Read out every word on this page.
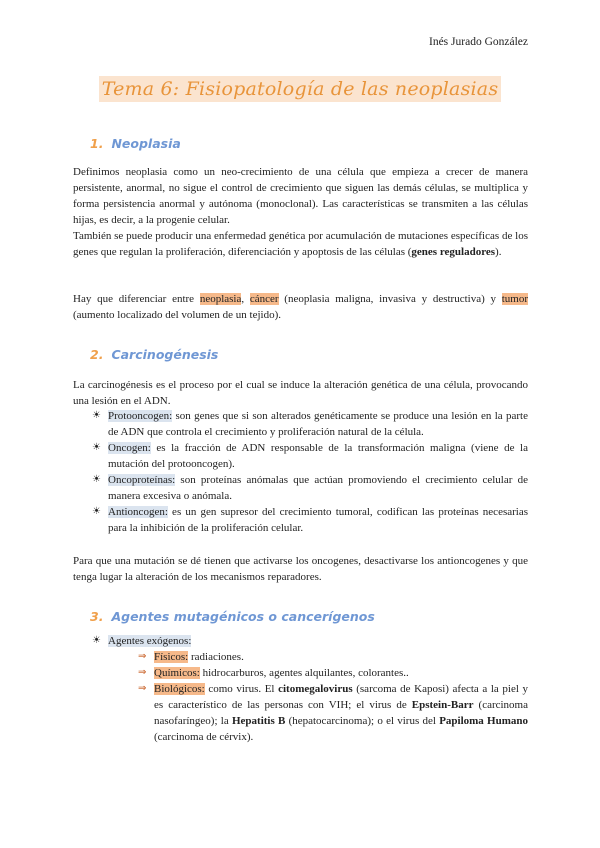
Inés Jurado González
Tema 6: Fisiopatología de las neoplasias
1. Neoplasia

Definimos neoplasia como un neo-crecimiento de una célula que empieza a crecer de manera persistente, anormal, no sigue el control de crecimiento que siguen las demás células, se multiplica y forma persistencia anormal y autónoma (monoclonal). Las características se transmiten a las células hijas, es decir, a la progenie celular.
También se puede producir una enfermedad genética por acumulación de mutaciones específicas de los genes que regulan la proliferación, diferenciación y apoptosis de las células (genes reguladores).

Hay que diferenciar entre neoplasia, cáncer (neoplasia maligna, invasiva y destructiva) y tumor (aumento localizado del volumen de un tejido).

2. Carcinogénesis

La carcinogénesis es el proceso por el cual se induce la alteración genética de una célula, provocando una lesión en el ADN.

☀ Protooncogen: son genes que si son alterados genéticamente se produce una lesión en la parte de ADN que controla el crecimiento y proliferación natural de la célula.
☀ Oncogen: es la fracción de ADN responsable de la transformación maligna (viene de la mutación del protooncogen).
☀ Oncoproteínas: son proteínas anómalas que actúan promoviendo el crecimiento celular de manera excesiva o anómala.
☀ Antioncogen: es un gen supresor del crecimiento tumoral, codifican las proteínas necesarias para la inhibición de la proliferación celular.

Para que una mutación se dé tienen que activarse los oncogenes, desactivarse los antioncogenes y que tenga lugar la alteración de los mecanismos reparadores.

3. Agentes mutagénicos o cancerígenos
☀ Agentes exógenos:
⇒ Físicos: radiaciones.
⇒ Químicos: hidrocarburos, agentes alquilantes, colorantes..
⇒ Biológicos: como virus. El citomegalovirus (sarcoma de Kaposi) afecta a la piel y es característico de las personas con VIH; el virus de Epstein-Barr (carcinoma nasofaríngeo); la Hepatitis B (hepatocarcinoma); o el virus del Papiloma Humano (carcinoma de cérvix).
